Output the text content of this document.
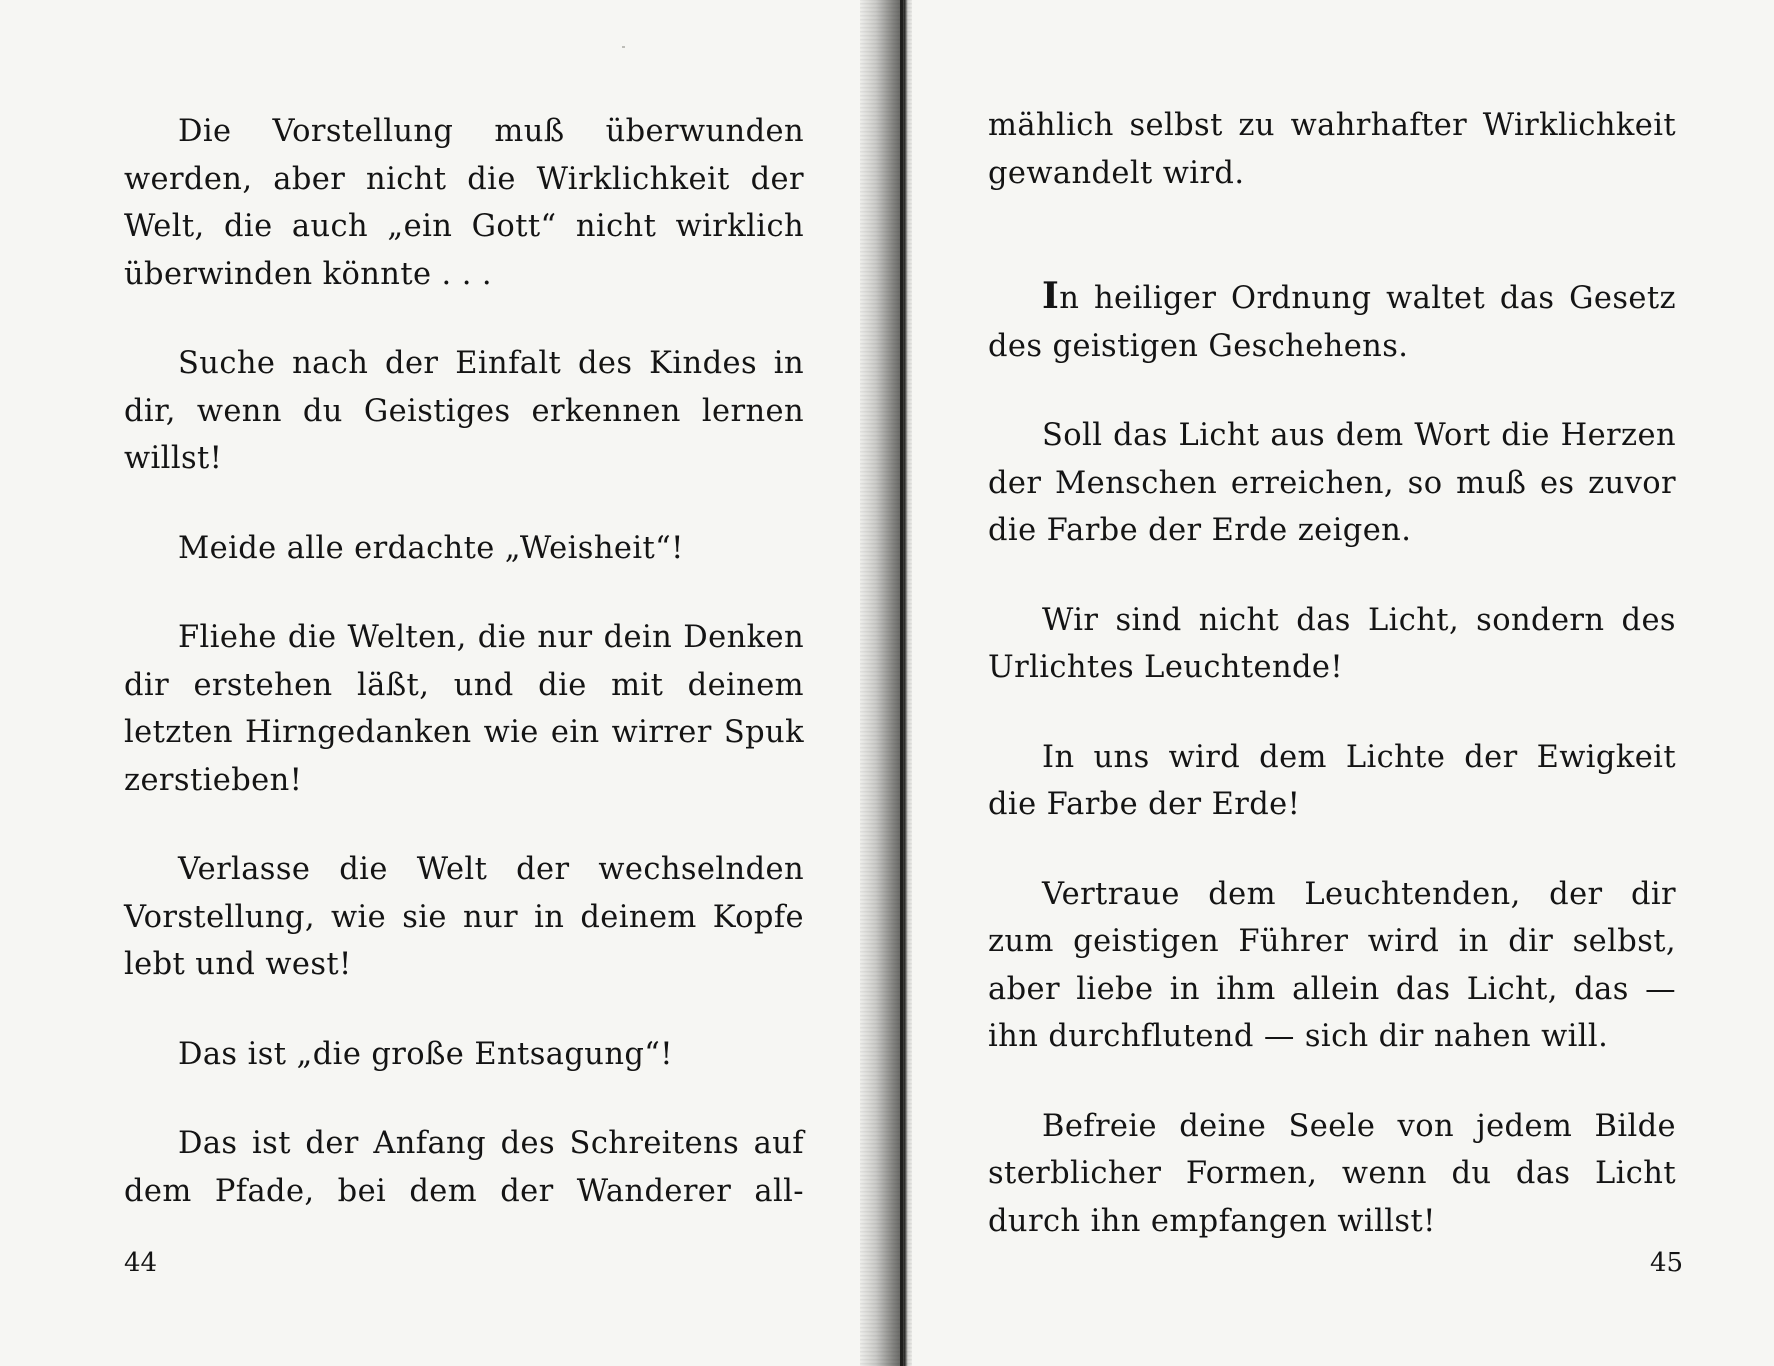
Die Vorstellung muß überwunden werden, aber nicht die Wirklichkeit der Welt, die auch „ein Gott“ nicht wirklich überwinden könnte . . .

Suche nach der Einfalt des Kindes in dir, wenn du Geistiges erkennen lernen willst!

Meide alle erdachte „Weisheit“!

Fliehe die Welten, die nur dein Denken dir erstehen läßt, und die mit deinem letzten Hirngedanken wie ein wirrer Spuk zerstieben!

Verlasse die Welt der wechselnden Vorstellung, wie sie nur in deinem Kopfe lebt und west!

Das ist „die große Entsagung“!

Das ist der Anfang des Schreitens auf dem Pfade, bei dem der Wanderer all-

44

mählich selbst zu wahrhafter Wirklichkeit gewandelt wird.

In heiliger Ordnung waltet das Gesetz des geistigen Geschehens.

Soll das Licht aus dem Wort die Herzen der Menschen erreichen, so muß es zuvor die Farbe der Erde zeigen.

Wir sind nicht das Licht, sondern des Urlichtes Leuchtende!

In uns wird dem Lichte der Ewigkeit die Farbe der Erde!

Vertraue dem Leuchtenden, der dir zum geistigen Führer wird in dir selbst, aber liebe in ihm allein das Licht, das — ihn durchflutend — sich dir nahen will.

Befreie deine Seele von jedem Bilde sterblicher Formen, wenn du das Licht durch ihn empfangen willst!

45
